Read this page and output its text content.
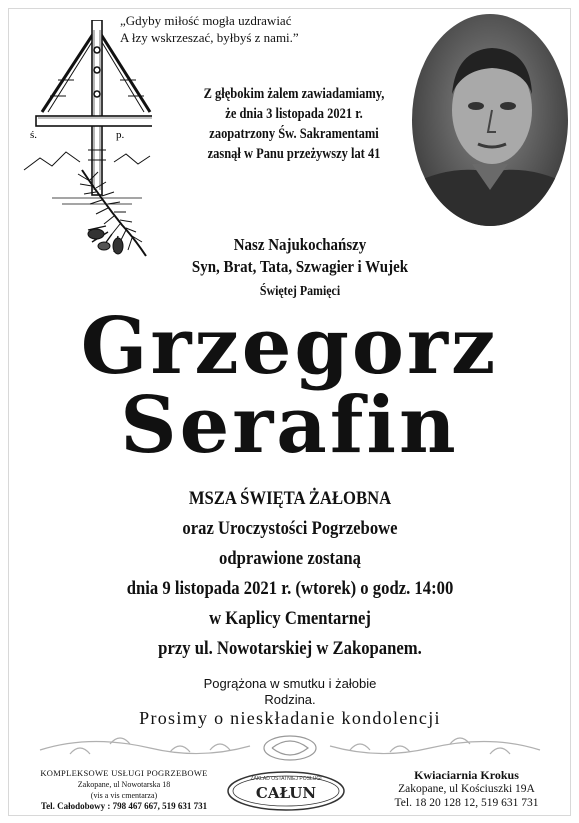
ś.	p.
„Gdyby miłość mogła uzdrawiać
A łzy wskrzeszać, byłbyś z nami.”
Z głębokim żalem zawiadamiamy,
że dnia 3 listopada 2021 r.
zaopatrzony Św. Sakramentami
zasnął w Panu przeżywszy lat 41
Nasz Najukochańszy
Syn, Brat, Tata, Szwagier i Wujek
Świętej Pamięci
Grzegorz
Serafin
MSZA ŚWIĘTA ŻAŁOBNA
oraz Uroczystości Pogrzebowe
odprawione zostaną
dnia 9 listopada 2021 r. (wtorek) o godz. 14:00
w Kaplicy Cmentarnej
przy ul. Nowotarskiej w Zakopanem.
Pogrążona w smutku i żałobie
Rodzina.
Prosimy o nieskładanie kondolencji
KOMPLEKSOWE USŁUGI POGRZEBOWE
Zakopane, ul Nowotarska 18
(vis a vis cmentarza)
Tel. Całodobowy : 798 467 667, 519 631 731
ZAKŁAD OSTATNIEJ POSŁUGI
CAŁUN
Kwiaciarnia Krokus
Zakopane, ul Kościuszki 19A
Tel. 18 20 128 12, 519 631 731
